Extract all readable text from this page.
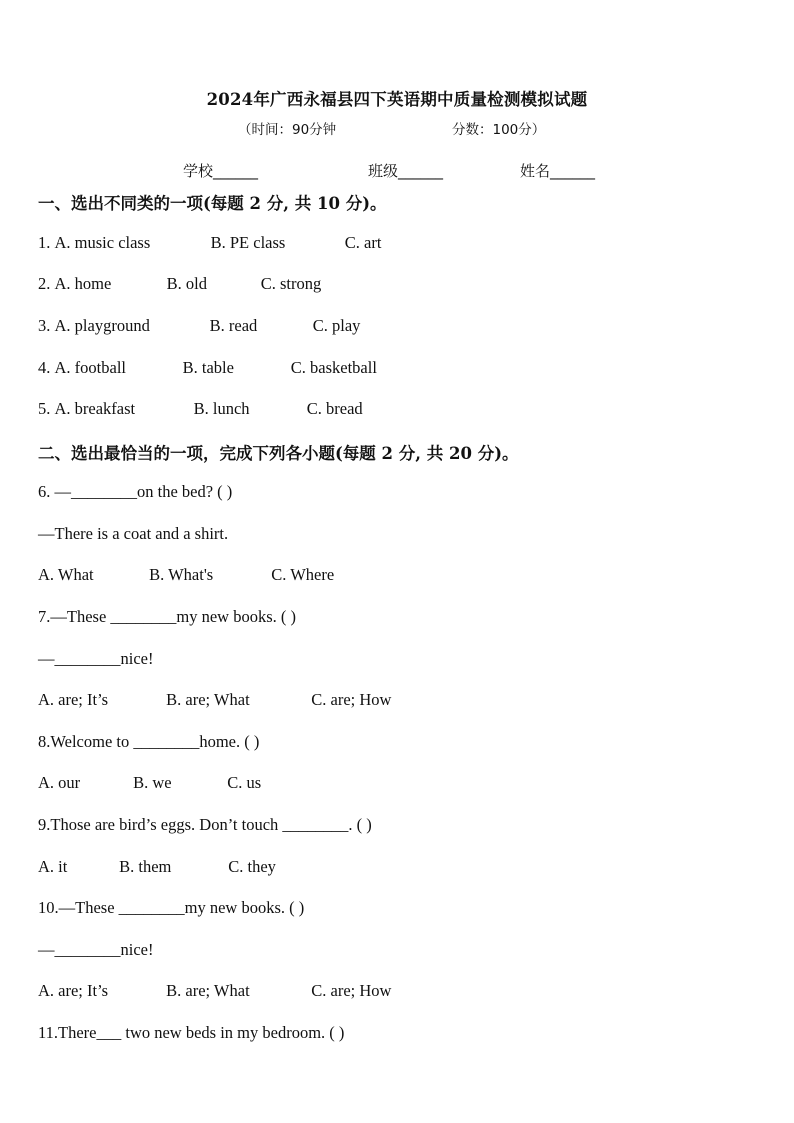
2024年广西永福县四下英语期中质量检测模拟试题
（时间：90分钟	分数：100分）
学校______	班级______	姓名______
一、选出不同类的一项(每题 2 分, 共 10 分)。
1. A. music class	B. PE class	C. art
2. A. home	B. old	C. strong
3. A. playground	B. read	C. play
4. A. football	B. table	C. basketball
5. A. breakfast	B. lunch	C. bread
二、选出最恰当的一项，完成下列各小题(每题 2 分, 共 20 分)。
6. —________on the bed? ( )
—There is a coat and a shirt.
A. What	B. What's	C. Where
7.—These ________my new books. ( )
—________nice!
A. are; It’s	B. are; What	C. are; How
8.Welcome to ________home. ( )
A. our	B. we	C. us
9.Those are bird’s eggs. Don’t touch ________. ( )
A. it	B. them	C. they
10.—These ________my new books. ( )
—________nice!
A. are; It’s	B. are; What	C. are; How
11.There___ two new beds in my bedroom. ( )
